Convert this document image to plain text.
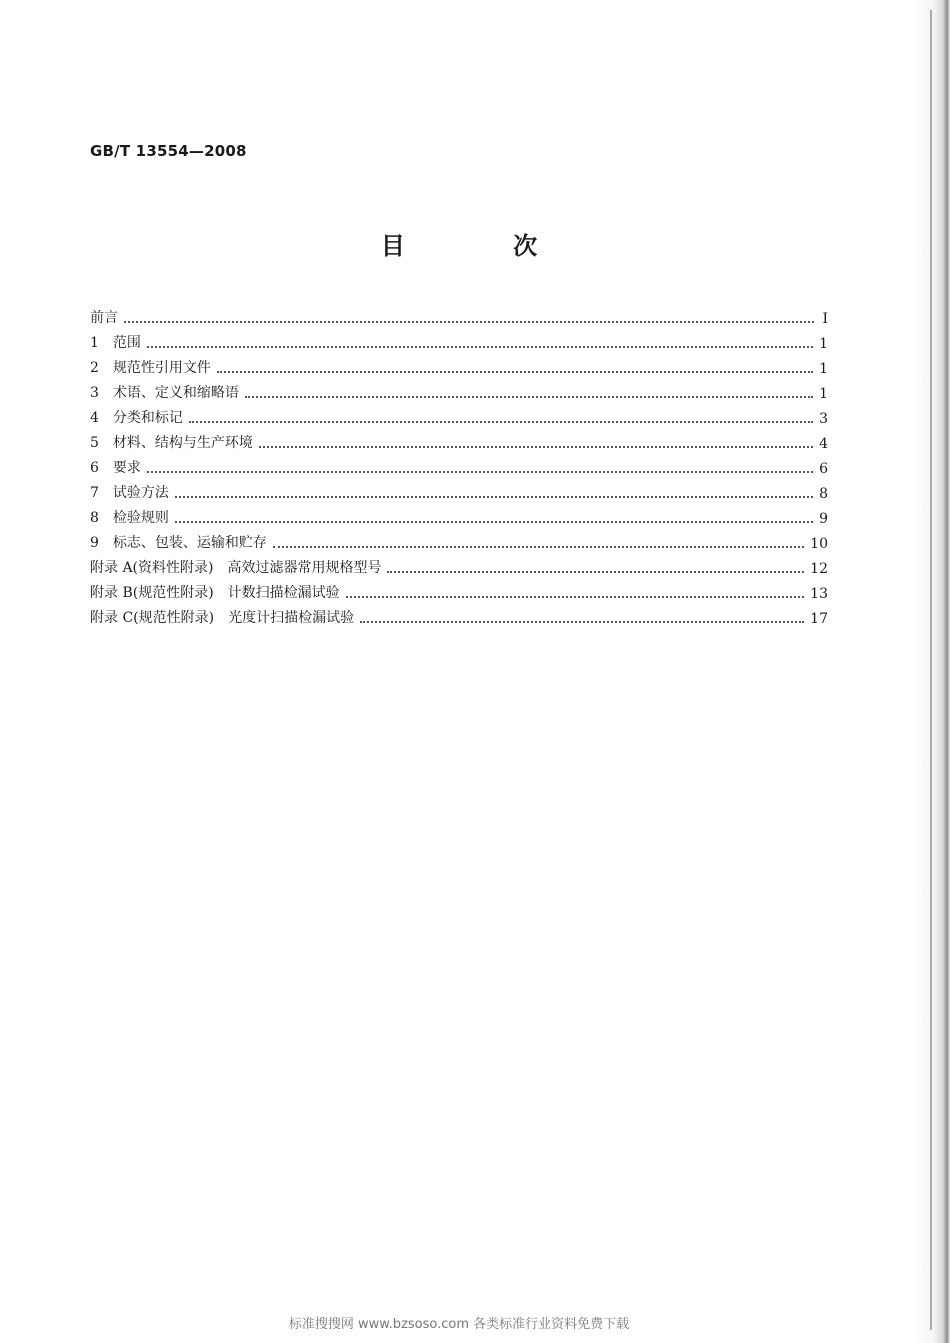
GB/T 13554—2008
目 次
前言	Ⅰ
1　范围	1
2　规范性引用文件	1
3　术语、定义和缩略语	1
4　分类和标记	3
5　材料、结构与生产环境	4
6　要求	6
7　试验方法	8
8　检验规则	9
9　标志、包装、运输和贮存	10
附录 A(资料性附录)　高效过滤器常用规格型号	12
附录 B(规范性附录)　计数扫描检漏试验	13
附录 C(规范性附录)　光度计扫描检漏试验	17
标准搜搜网 www.bzsoso.com 各类标准行业资料免费下载
